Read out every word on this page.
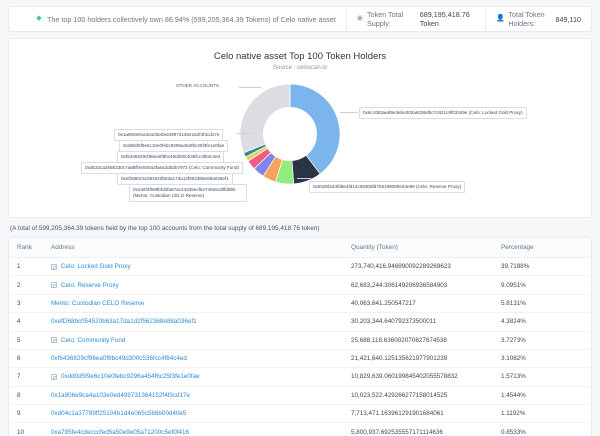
◆ The top 100 holders collectively own 86.94% (599,205,364.39 Tokens) of Celo native asset	◉ Token Total Supply:
689,195,418.76 Token
👤 Total Token Holders:	849,110
Celo native asset Top 100 Token Holders
Source : celoscan.io
OTHER ACCOUNTS
0x6cc083aed9e3ebe302a6336dbc7c921c9f03349e (Celo: Locked Gold Proxy)
0x93d0fa34fd9e4fd14c06305fd7b6199089ed4e89 (Celo: Reserve Proxy)
0x1a906e9ca4a103e0ed499731364152f4f3cd17e
0xd80d5f9e6c10e0febc9296a454f6c25f3fe1e0fae
0xf6436829cf96ea0f8bc49d300c536fcc4f84c4ed
0xd533ca259b330c7a88ff4e000a3faea2d63b7972 (Celo: Community Fund)
0xef2680c5c054520b63a17da12f562368e88a036ef1
0x246f4f599bfd3fa67ac44335ecf5e749e518ffd8bb (Mento: Custodian CELO Reserve)
(A total of 599,205,364.39 tokens held by the top 100 accounts from the total supply of 689,195,418.76 token)
Rank	Address	Quantity (Token)	Percentage
1	Celo: Locked Gold Proxy	273,740,416.946990092289269623	39.7188%
2	Celo: Reserve Proxy	62,683,244.306149206936584903	9.0951%
3	Mento: Custodian CELO Reserve	40,063,641.250547217	5.8131%
4	0xefD68bc054520b63a17da1d2f562368e88a036ef1	30,203,344.640792373500011	4.3824%
5	Celo: Community Fund	25,688,118.636002070827674538	3.7273%
6	0xf6436829cf96ea0f8bc49d300c536fcc4f84c4ed	21,421,640.125135621977901239	3.1082%
7	0xdd0d5f9e6c10e0febc9296a454f6c25f3fe1e0fae	10,829,639.060199845402055578832	1.5713%
8	0x1a906e9ca4a103e0ed499731364152f4f3cd17e	10,023,522.429266277158014525	1.4544%
9	0xd04c1a37789ff25104b1d4e065c586b00d40e5	7,713,471.163961291901684061	1.1192%
10	0xa785fe4cdecccfed5a50e9e05a71200c5ef0f416	5,800,937.692535557171114636	0.8533%
